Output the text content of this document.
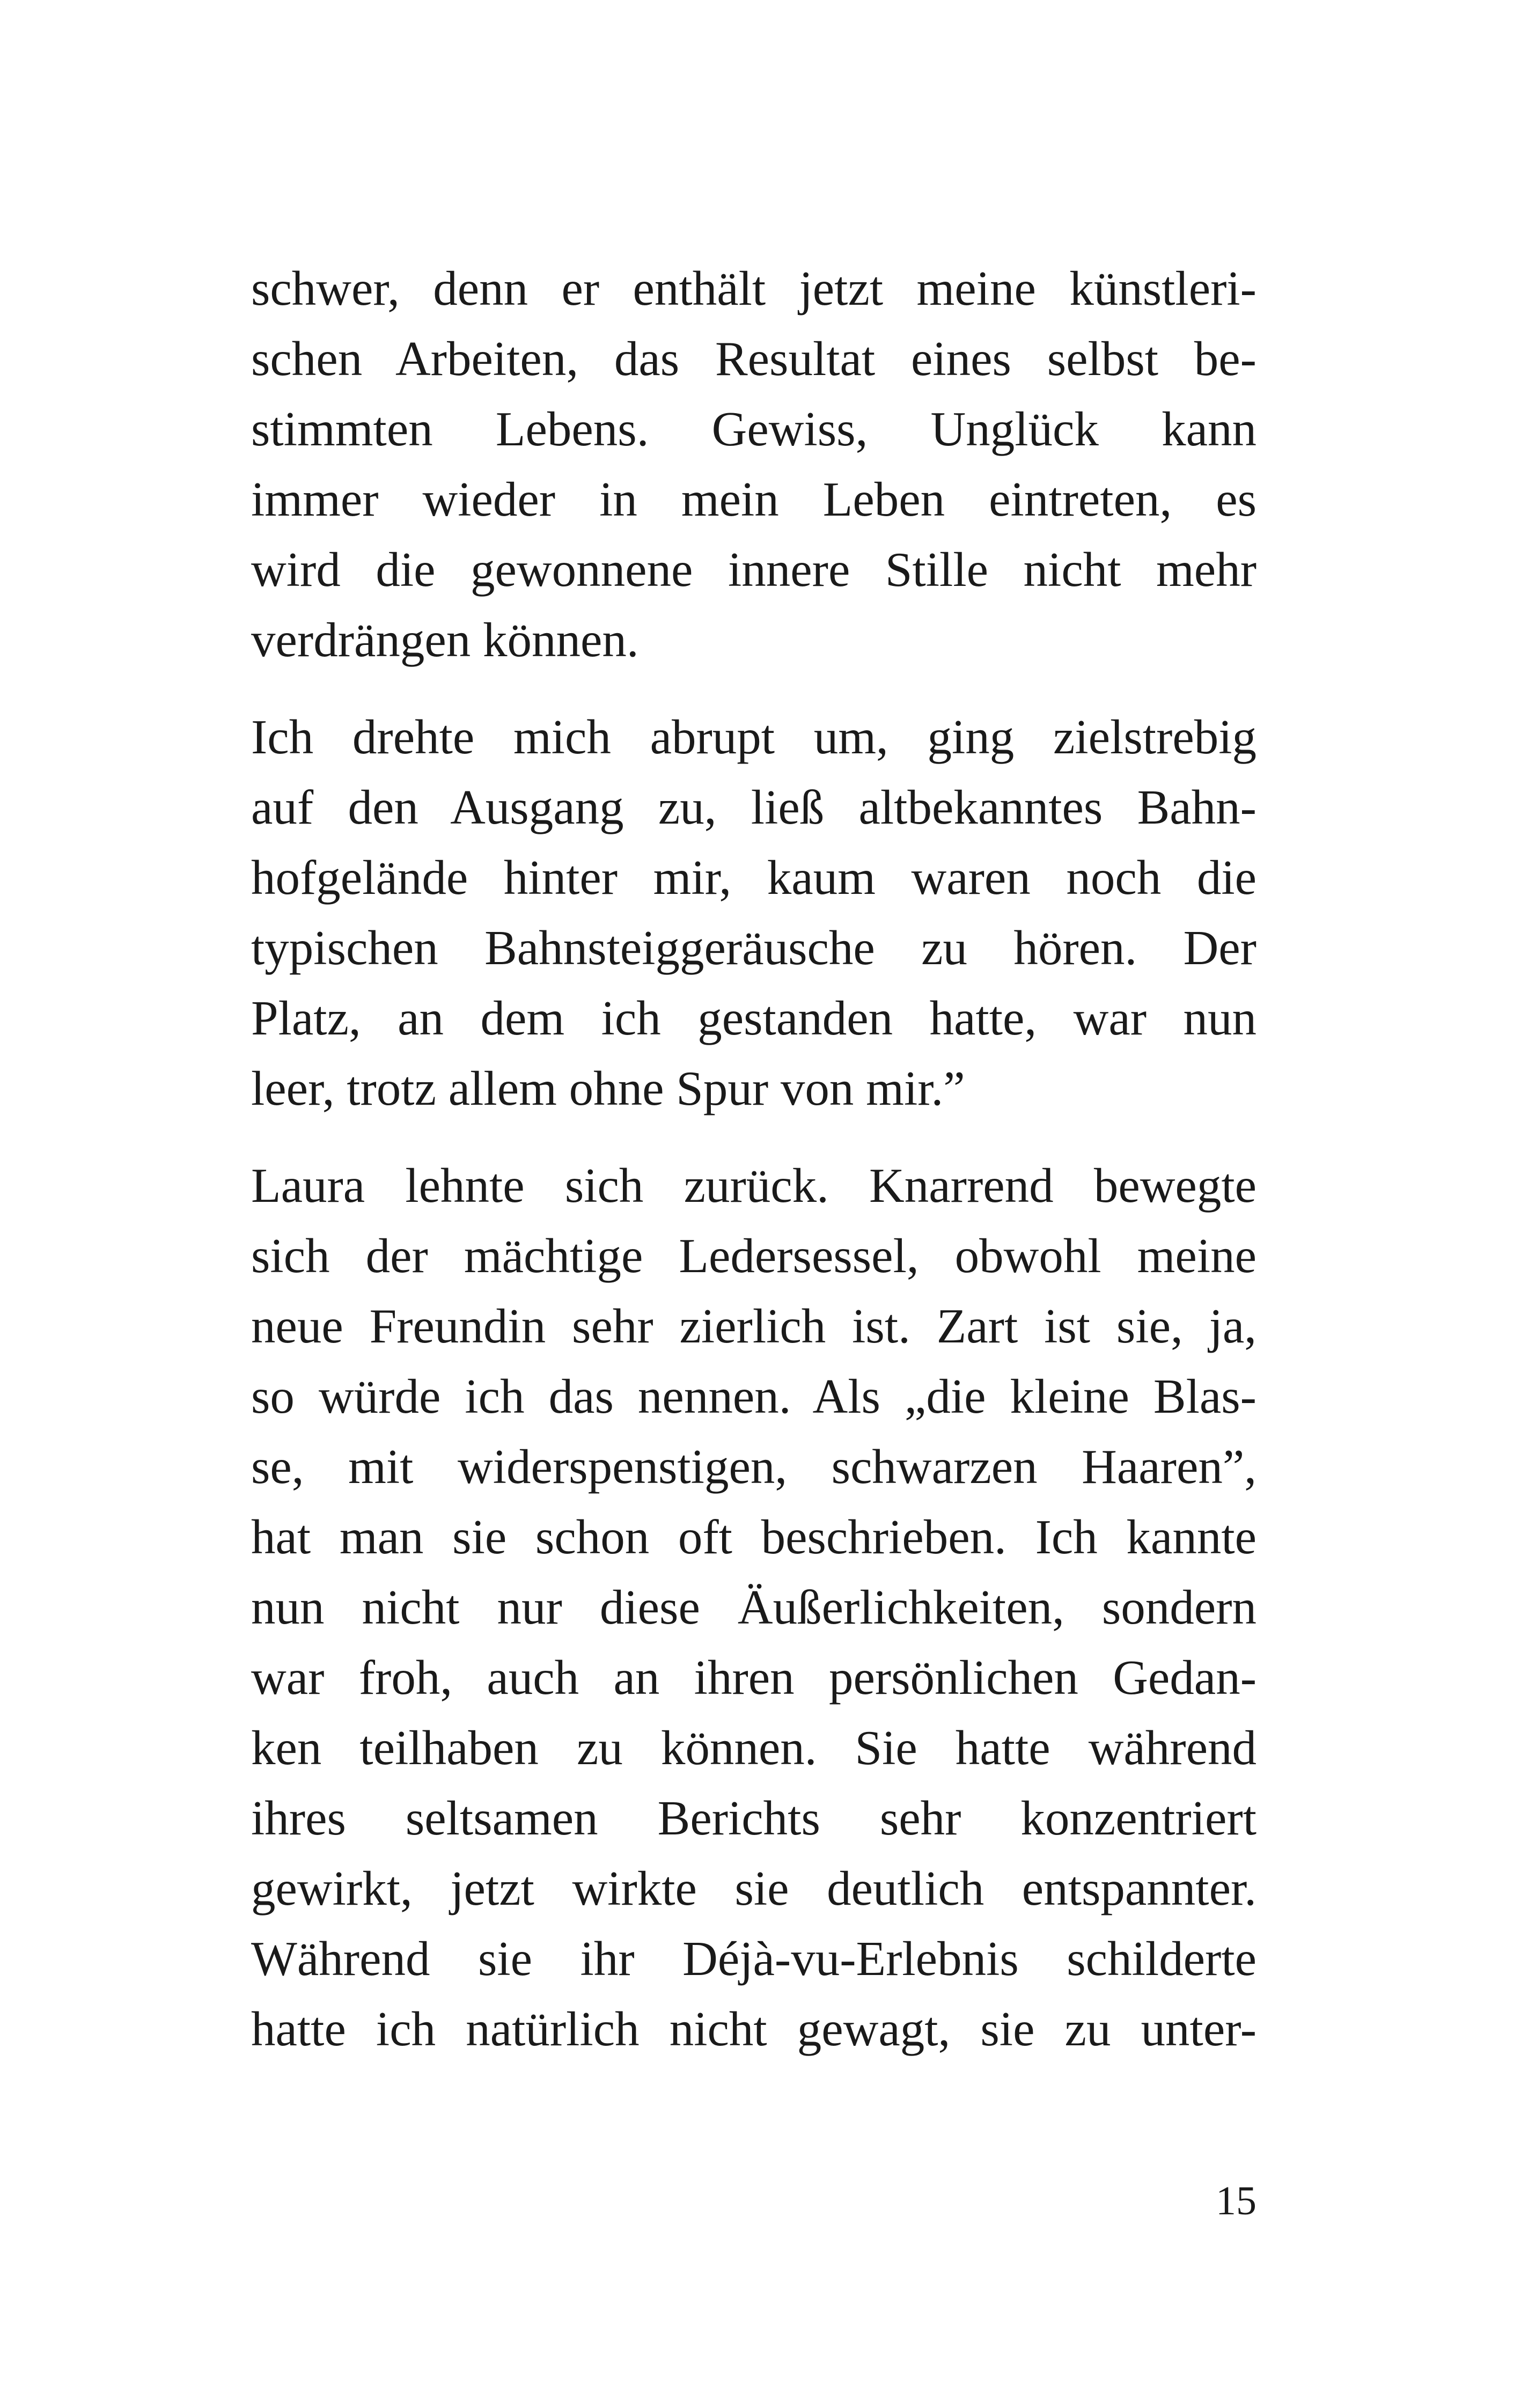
schwer, denn er enthält jetzt meine künstleri-
schen Arbeiten, das Resultat eines selbst be-
stimmten Lebens. Gewiss, Unglück kann
immer wieder in mein Leben eintreten, es
wird die gewonnene innere Stille nicht mehr
verdrängen können.

Ich drehte mich abrupt um, ging zielstrebig
auf den Ausgang zu, ließ altbekanntes Bahn-
hofgelände hinter mir, kaum waren noch die
typischen Bahnsteiggeräusche zu hören. Der
Platz, an dem ich gestanden hatte, war nun
leer, trotz allem ohne Spur von mir.”

Laura lehnte sich zurück. Knarrend bewegte
sich der mächtige Ledersessel, obwohl meine
neue Freundin sehr zierlich ist. Zart ist sie, ja,
so würde ich das nennen. Als „die kleine Blas-
se, mit widerspenstigen, schwarzen Haaren”,
hat man sie schon oft beschrieben. Ich kannte
nun nicht nur diese Äußerlichkeiten, sondern
war froh, auch an ihren persönlichen Gedan-
ken teilhaben zu können. Sie hatte während
ihres seltsamen Berichts sehr konzentriert
gewirkt, jetzt wirkte sie deutlich entspannter.
Während sie ihr Déjà-vu-Erlebnis schilderte
hatte ich natürlich nicht gewagt, sie zu unter-

15
